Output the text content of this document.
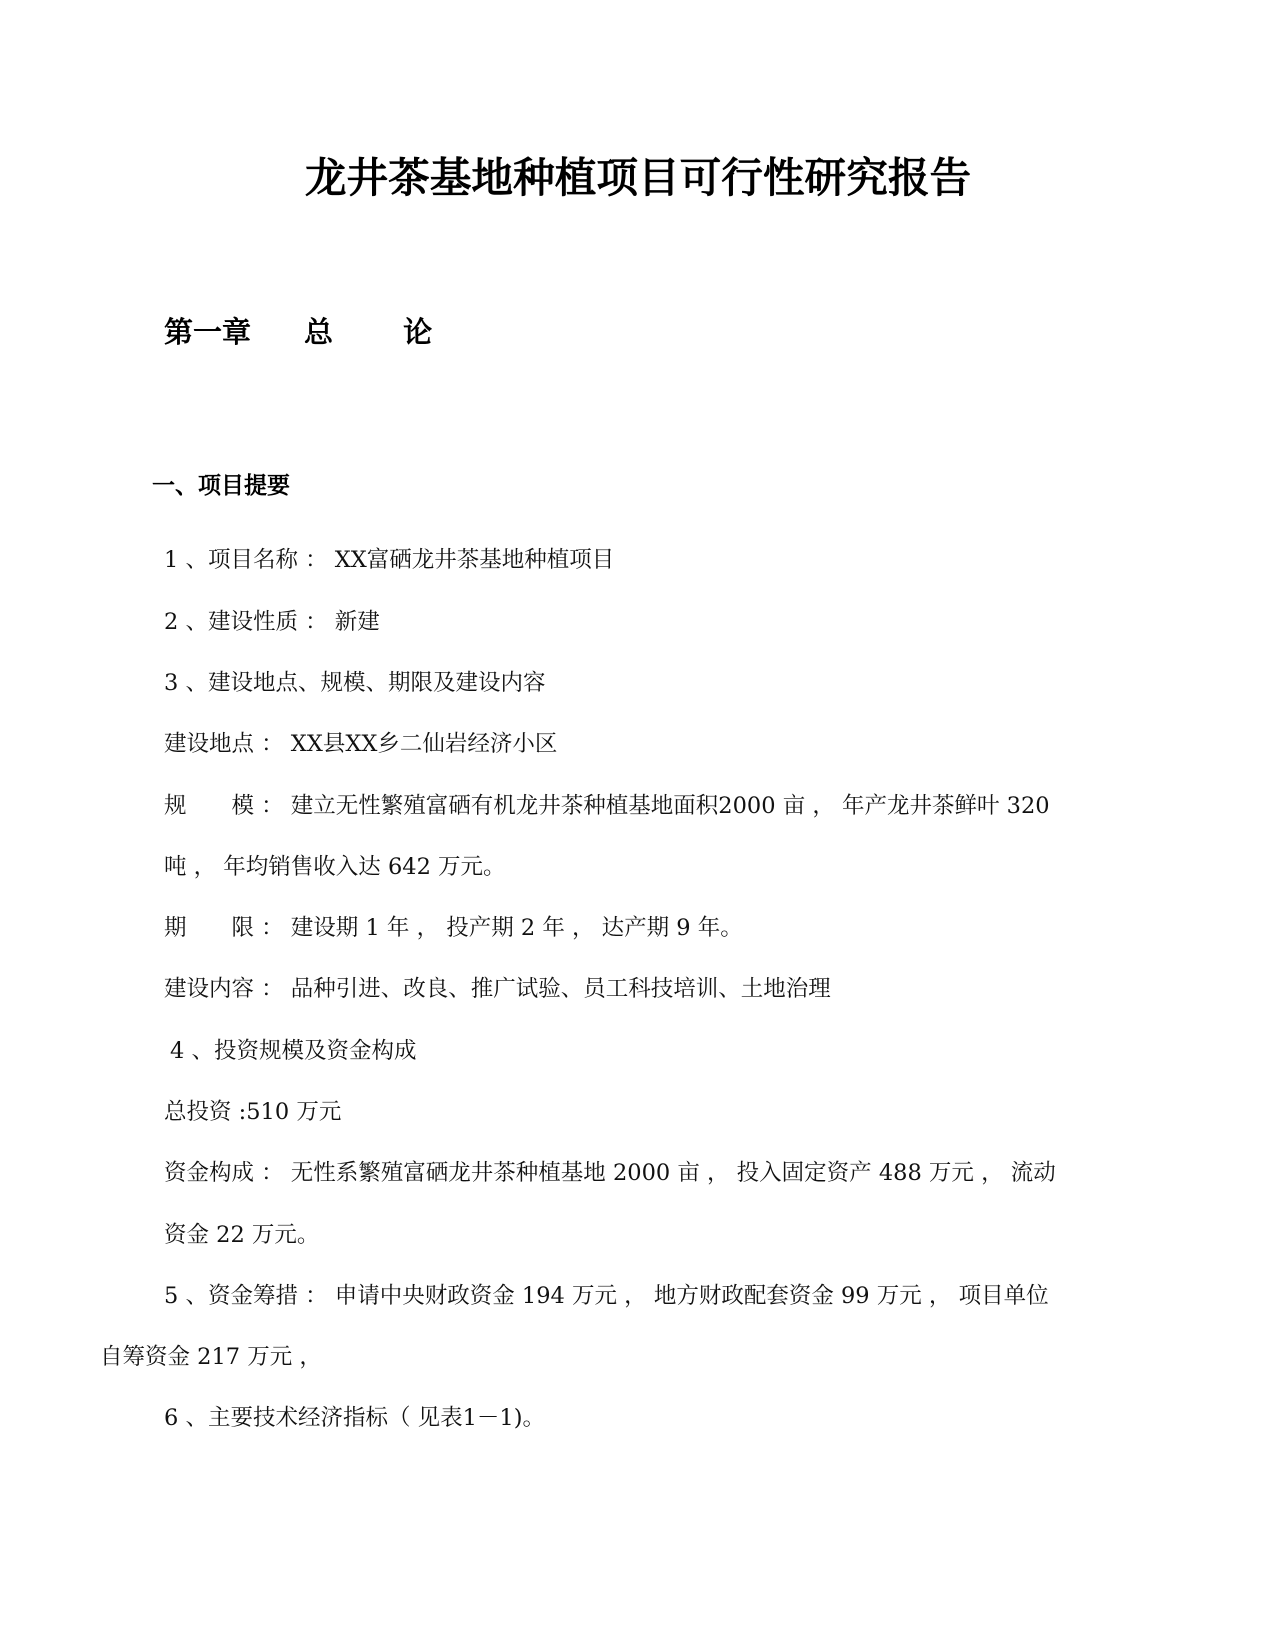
龙井茶基地种植项目可行性研究报告
第一章 总 论
一、项目提要
1 、项目名称 ： XX富硒龙井茶基地种植项目
2 、建设性质 ： 新建
3 、建设地点、规模、期限及建设内容
建设地点 ： XX县XX乡二仙岩经济小区
规　　模 ： 建立无性繁殖富硒有机龙井茶种植基地面积2000 亩 ， 年产龙井茶鲜叶 320
吨 ， 年均销售收入达 642 万元。
期　　限 ： 建设期 1 年 ， 投产期 2 年 ， 达产期 9 年。
建设内容 ： 品种引进、改良、推广试验、员工科技培训、土地治理
4 、投资规模及资金构成
总投资 :510 万元
资金构成 ： 无性系繁殖富硒龙井茶种植基地 2000 亩 ， 投入固定资产 488 万元 ， 流动
资金 22 万元。
5 、资金筹措 ： 申请中央财政资金 194 万元 ， 地方财政配套资金 99 万元 ， 项目单位
自筹资金 217 万元 ，
6 、主要技术经济指标（ 见表1－1)。
